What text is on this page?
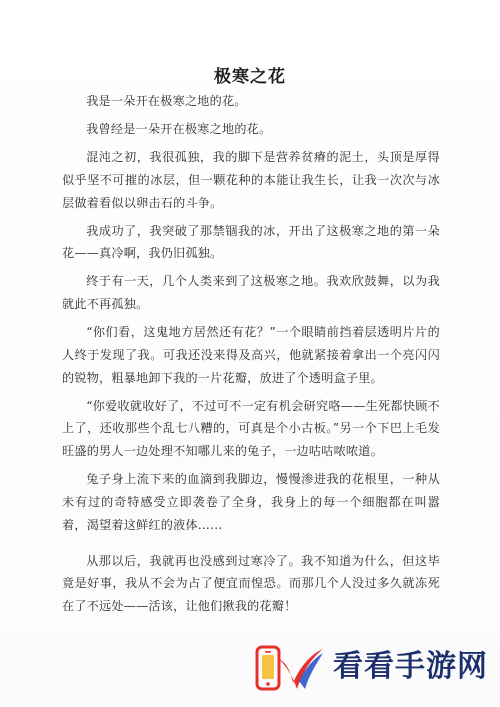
极寒之花

我是一朵开在极寒之地的花。

我曾经是一朵开在极寒之地的花。

混沌之初，我很孤独，我的脚下是营养贫瘠的泥土，头顶是厚得似乎坚不可摧的冰层，但一颗花种的本能让我生长，让我一次次与冰层做着看似以卵击石的斗争。

我成功了，我突破了那禁锢我的冰，开出了这极寒之地的第一朵花——真冷啊，我仍旧孤独。

终于有一天，几个人类来到了这极寒之地。我欢欣鼓舞，以为我就此不再孤独。

“你们看，这鬼地方居然还有花？”一个眼睛前挡着层透明片片的人终于发现了我。可我还没来得及高兴，他就紧接着拿出一个亮闪闪的锐物，粗暴地卸下我的一片花瓣，放进了个透明盒子里。

“你爱收就收好了，不过可不一定有机会研究咯——生死都快顾不上了，还收那些个乱七八糟的，可真是个小古板。”另一个下巴上毛发旺盛的男人一边处理不知哪儿来的兔子，一边咕咕哝哝道。

兔子身上流下来的血滴到我脚边，慢慢渗进我的花根里，一种从未有过的奇特感受立即袭卷了全身，我身上的每一个细胞都在叫嚣着，渴望着这鲜红的液体……

从那以后，我就再也没感到过寒冷了。我不知道为什么，但这毕竟是好事，我从不会为占了便宜而惶恐。而那几个人没过多久就冻死在了不远处——活该，让他们揪我的花瓣！

看看手游网
